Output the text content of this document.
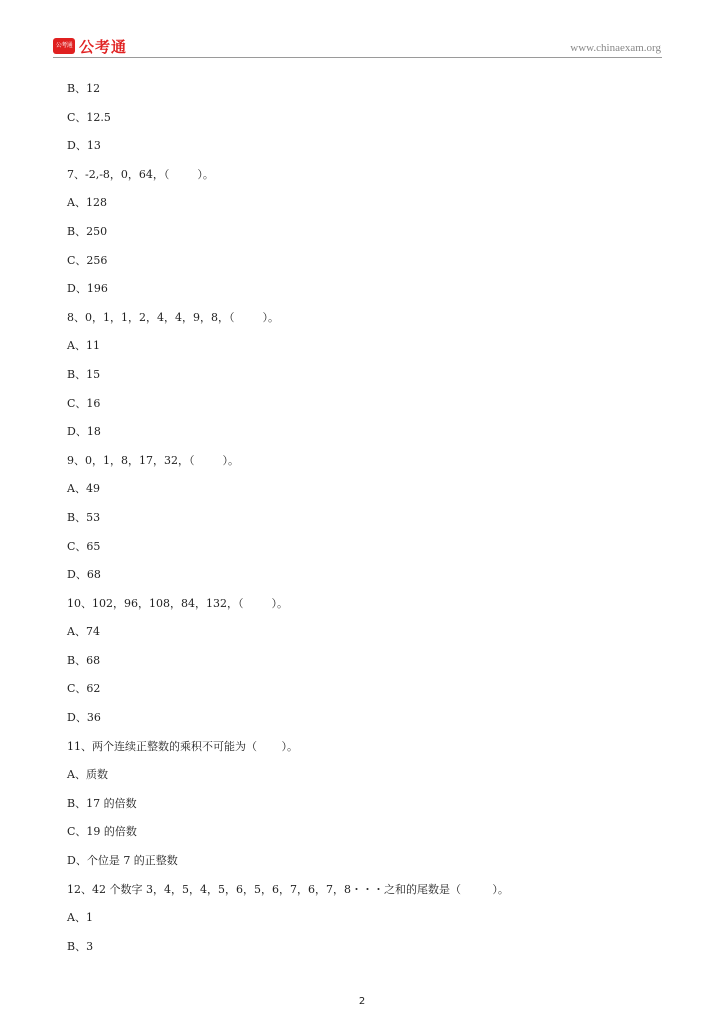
公考通 公考通	www.chinaexam.org
B、12
C、12.5
D、13
7、-2,-8，0，64，（        ）。
A、128
B、250
C、256
D、196
8、0，1，1，2，4，4，9，8，（        ）。
A、11
B、15
C、16
D、18
9、0，1，8，17，32，（        ）。
A、49
B、53
C、65
D、68
10、102，96，108，84，132，（        ）。
A、74
B、68
C、62
D、36
11、两个连续正整数的乘积不可能为（       ）。
A、质数
B、17 的倍数
C、19 的倍数
D、个位是 7 的正整数
12、42 个数字 3，4，5，4，5，6，5，6，7，6，7，8・・・之和的尾数是（         ）。
A、1
B、3
2
